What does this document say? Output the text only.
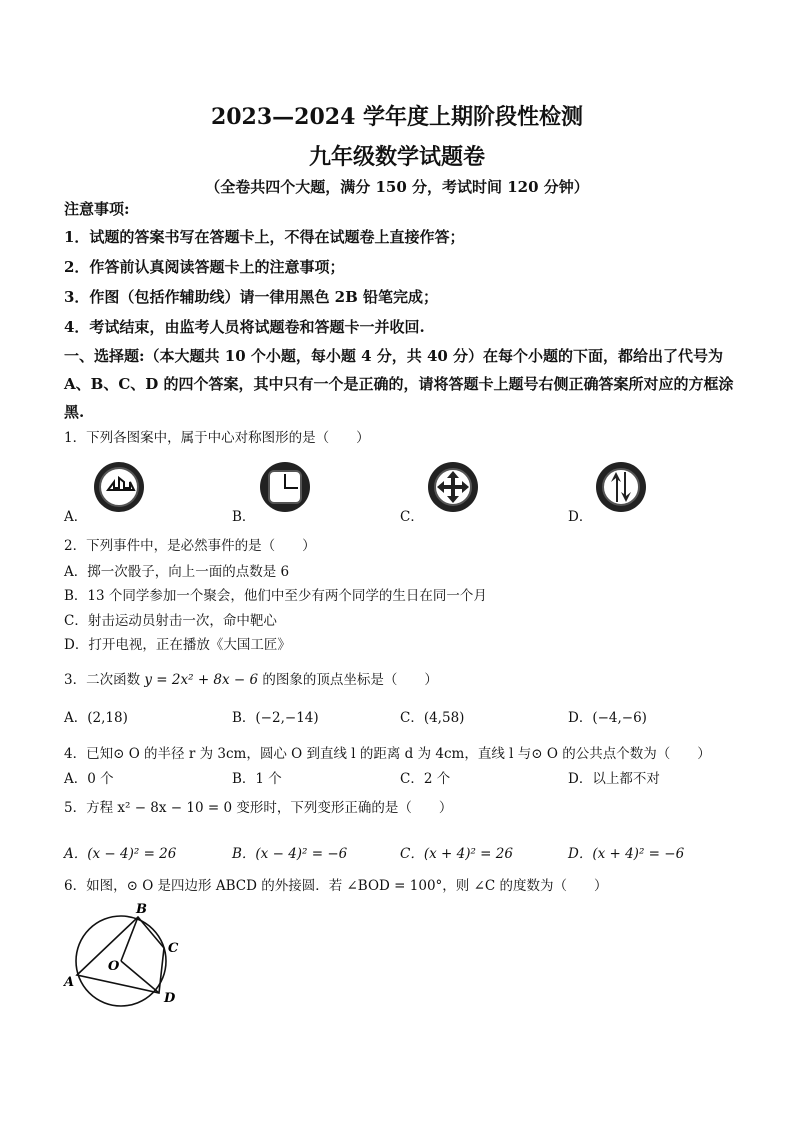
2023—2024 学年度上期阶段性检测
九年级数学试题卷
（全卷共四个大题，满分 150 分，考试时间 120 分钟）
注意事项:
1．试题的答案书写在答题卡上，不得在试题卷上直接作答；
2．作答前认真阅读答题卡上的注意事项；
3．作图（包括作辅助线）请一律用黑色 2B 铅笔完成；
4．考试结束，由监考人员将试题卷和答题卡一并收回.
一、选择题:（本大题共 10 个小题，每小题 4 分，共 40 分）在每个小题的下面，都给出了代号为 A、B、C、D 的四个答案，其中只有一个是正确的，请将答题卡上题号右侧正确答案所对应的方框涂黑.
1．下列各图案中，属于中心对称图形的是（　　）
A．	B．	C．	D．
2．下列事件中，是必然事件的是（　　）
A．掷一次骰子，向上一面的点数是 6
B．13 个同学参加一个聚会，他们中至少有两个同学的生日在同一个月
C．射击运动员射击一次，命中靶心
D．打开电视，正在播放《大国工匠》
3．二次函数 y = 2x² + 8x − 6 的图象的顶点坐标是（　　）
A．(2,18)	B．(−2,−14)	C．(4,58)	D．(−4,−6)
4．已知⊙ O 的半径 r 为 3cm，圆心 O 到直线 l 的距离 d 为 4cm，直线 l 与⊙ O 的公共点个数为（　　）
A．0 个	B．1 个	C．2 个	D．以上都不对
5．方程 x² − 8x − 10 = 0 变形时，下列变形正确的是（　　）
A．(x − 4)² = 26	B．(x − 4)² = −6	C．(x + 4)² = 26	D．(x + 4)² = −6
6．如图，⊙ O 是四边形 ABCD 的外接圆．若 ∠BOD = 100°，则 ∠C 的度数为（　　）
A
B
C
D
O
